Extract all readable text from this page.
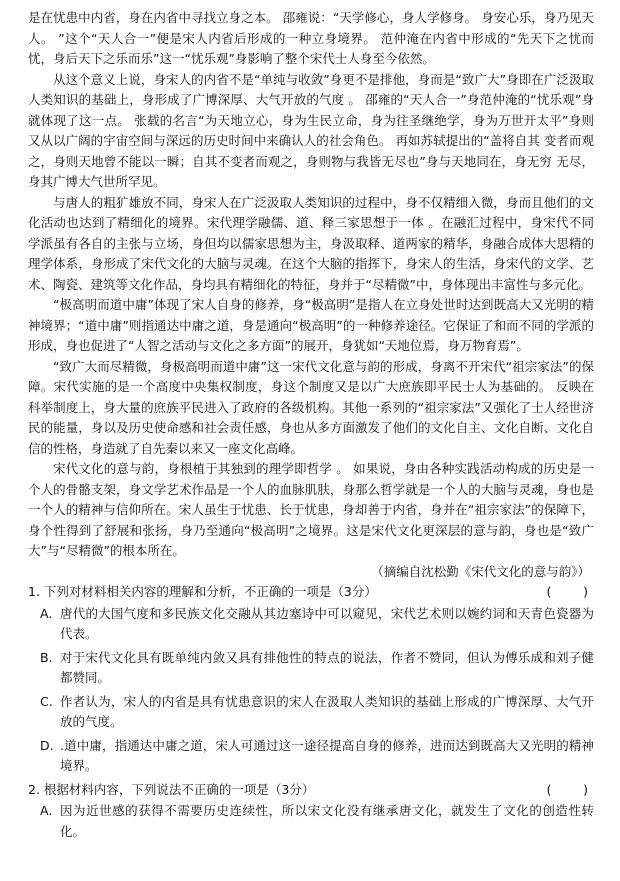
是在忧患中内省，身在内省中寻找立身之本。 邵雍说：“天学修心，身人学修身。 身安心乐，身乃见天人。 ”这个“天人合一”便是宋人内省后形成的一种立身境界。 范仲淹在内省中形成的“先天下之忧而忧，身后天下之乐而乐”这一“忧乐观”身影响了整个宋代士人身至今依然。

从这个意义上说，身宋人的内省不是“单纯与收敛”身更不是排他，身而是“致广大”身即在广泛汲取人类知识的基础上，身形成了广博深厚、大气开放的气度 。 邵雍的“天人合一”身范仲淹的“忧乐观”身就体现了这一点。 张载的名言“为天地立心，身为生民立命，身为往圣继绝学，身为万世开太平”身则又从以广阔的宇宙空间与深远的历史时间中来确认人的社会角色。 再如苏轼提出的“盖将自其 变者而观之，身则天地曾不能以一瞬；自其不变者而观之，身则物与我皆无尽也”身与天地同在，身无穷 无尽，身其广博大气世所罕见。

与唐人的粗犷雄放不同，身宋人在广泛汲取人类知识的过程中，身不仅精细入微，身而且他们的文化活动也达到了精细化的境界。宋代理学融儒、道、释三家思想于一体 。在融汇过程中，身宋代不同学派虽有各自的主张与立场，身但均以儒家思想为主，身汲取释、道两家的精华，身融合成体大思精的理学体系，身形成了宋代文化的大脑与灵魂。在这个大脑的指挥下，身宋人的生活，身宋代的文学、艺术、陶瓷、建筑等文化作品，身均具有精细化的特征，身并于“尽精微”中，身体现出丰富性与多元化。

“极高明而道中庸”体现了宋人自身的修养，身“极高明”是指人在立身处世时达到既高大又光明的精神境界；“道中庸”则指通达中庸之道，身是通向“极高明”的一种修养途径。它保证了和而不同的学派的形成，身也促进了“人智之活动与文化之多方面”的展开，身犹如“天地位焉，身万物育焉”。

“致广大而尽精微，身极高明而道中庸”这一宋代文化意与韵的形成，身离不开宋代“祖宗家法”的保障。宋代实施的是一个高度中央集权制度，身这个制度又是以广大庶族即平民士人为基础的。 反映在科举制度上，身大量的庶族平民进入了政府的各级机构。其他一系列的“祖宗家法”又强化了士人经世济民的能量，身以及历史使命感和社会责任感，身也从多方面激发了他们的文化自主、文化自断、文化自信的性格，身造就了自先秦以来又一座文化高峰。

宋代文化的意与韵，身根植于其独到的理学即哲学 。 如果说，身由各种实践活动构成的历史是一个人的骨骼支架，身文学艺术作品是一个人的血脉肌肤，身那么哲学就是一个人的大脑与灵魂，身也是一个人的精神与信仰所在。宋人虽生于忧患、长于忧患，身却善于内省，身并在“祖宗家法”的保障下，身个性得到了舒展和张扬，身乃至通向“极高明”之境界。这是宋代文化更深层的意与韵，身也是“致广大”与“尽精微”的根本所在。

（摘编自沈松勤《宋代文化的意与韵》）

1. 下列对材料相关内容的理解和分析，不正确的一项是（3分）	(        )
A. 唐代的大国气度和多民族文化交融从其边塞诗中可以窥见，宋代艺术则以婉约词和天青色瓷器为代表。
B. 对于宋代文化具有既单纯内敛又具有排他性的特点的说法，作者不赞同，但认为傅乐成和刘子健都赞同。
C. 作者认为，宋人的内省是具有忧患意识的宋人在汲取人类知识的基础上形成的广博深厚、大气开放的气度。
D. .道中庸，指通达中庸之道，宋人可通过这一途径提高自身的修养，进而达到既高大又光明的精神境界。
2. 根据材料内容，下列说法不正确的一项是（3分）	(        )
A. 因为近世感的获得不需要历史连续性，所以宋文化没有继承唐文化，就发生了文化的创造性转化。
